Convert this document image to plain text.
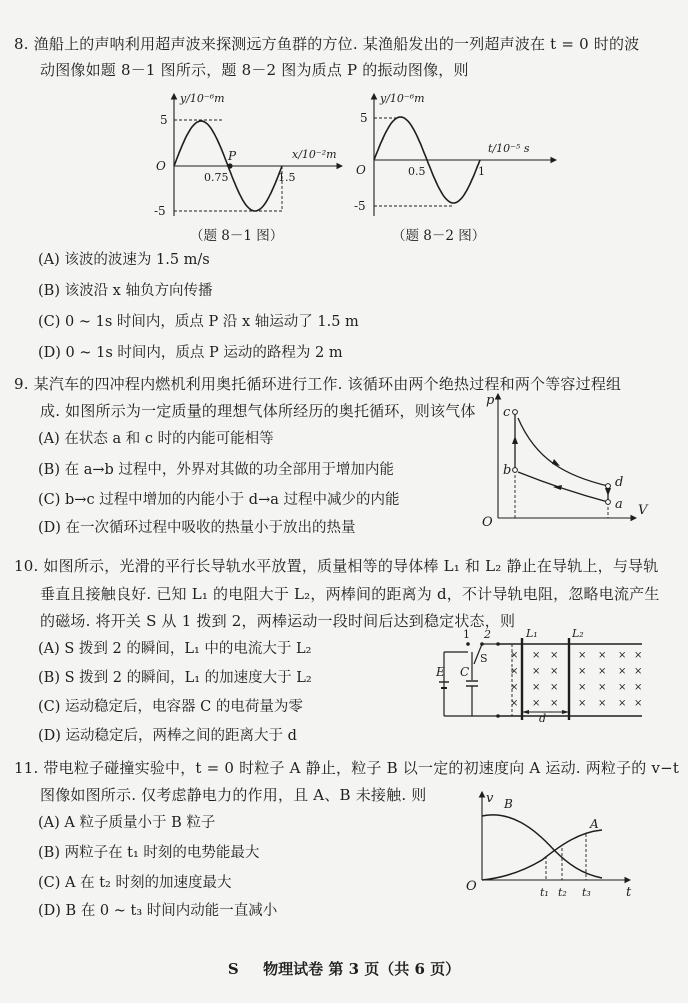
8. 渔船上的声呐利用超声波来探测远方鱼群的方位. 某渔船发出的一列超声波在 t = 0 时的波
动图像如题 8－1 图所示，题 8－2 图为质点 P 的振动图像，则
O
5
-5
y/10⁻⁶m
x/10⁻²m
P
0.75	1.5
（题 8－1 图）
O
5
-5
y/10⁻⁶m
t/10⁻⁵ s
0.5	1
（题 8－2 图）
(A) 该波的波速为 1.5 m/s
(B) 该波沿 x 轴负方向传播
(C) 0 ~ 1s 时间内，质点 P 沿 x 轴运动了 1.5 m
(D) 0 ~ 1s 时间内，质点 P 运动的路程为 2 m
9. 某汽车的四冲程内燃机利用奥托循环进行工作. 该循环由两个绝热过程和两个等容过程组
成. 如图所示为一定质量的理想气体所经历的奥托循环，则该气体
(A) 在状态 a 和 c 时的内能可能相等
(B) 在 a→b 过程中，外界对其做的功全部用于增加内能
(C) b→c 过程中增加的内能小于 d→a 过程中减少的内能
(D) 在一次循环过程中吸收的热量小于放出的热量
p
V
O
c
b
d
a
10. 如图所示，光滑的平行长导轨水平放置，质量相等的导体棒 L₁ 和 L₂ 静止在导轨上，与导轨
垂直且接触良好. 已知 L₁ 的电阻大于 L₂，两棒间的距离为 d，不计导轨电阻，忽略电流产生
的磁场. 将开关 S 从 1 拨到 2，两棒运动一段时间后达到稳定状态，则
(A) S 拨到 2 的瞬间，L₁ 中的电流大于 L₂
(B) S 拨到 2 的瞬间，L₁ 的加速度大于 L₂
(C) 运动稳定后，电容器 C 的电荷量为零
(D) 运动稳定后，两棒之间的距离大于 d
× × × × × × ×
× × × × × × ×
× × × × × × ×
× × × × × × ×
1 2
S
E C
L₁	L₂
d
11. 带电粒子碰撞实验中，t = 0 时粒子 A 静止，粒子 B 以一定的初速度向 A 运动. 两粒子的 v−t
图像如图所示. 仅考虑静电力的作用，且 A、B 未接触. 则
(A) A 粒子质量小于 B 粒子
(B) 两粒子在 t₁ 时刻的电势能最大
(C) A 在 t₂ 时刻的加速度最大
(D) B 在 0 ~ t₃ 时间内动能一直减小
v
t
O
B
A
t₁ t₂ t₃
S 物理试卷 第 3 页（共 6 页）
